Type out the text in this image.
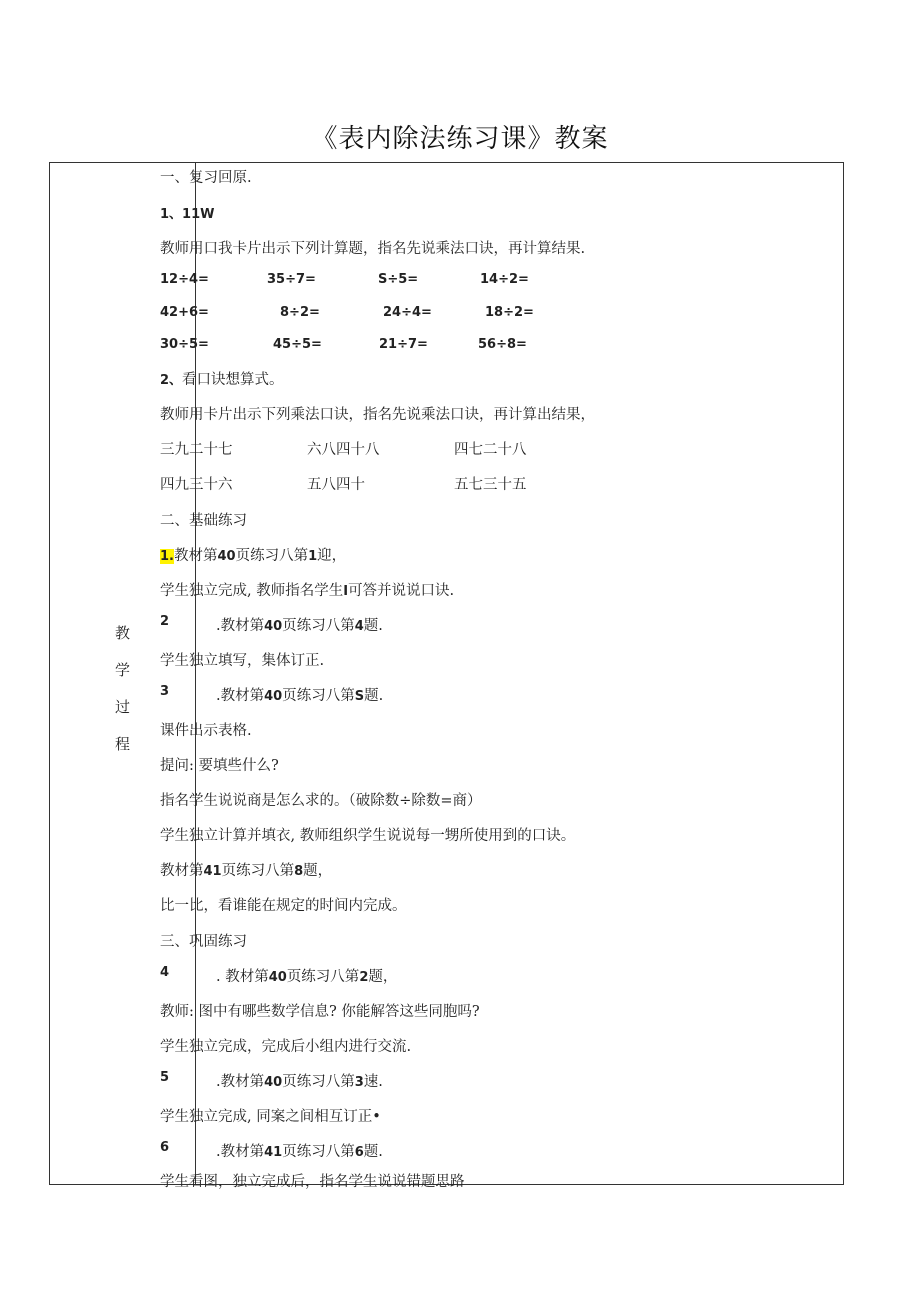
《表内除法练习课》教案
教
学
过
程
一、复习回原.
1、11W
教师用口我卡片出示下列计算题，指名先说乘法口诀，再计算结果.
12÷4=	35÷7=	S÷5=	14÷2=
42+6=	8÷2=	24÷4=	18÷2=
30÷5=	45÷5=	21÷7=	56÷8=
2、看口诀想算式。
教师用卡片出示下列乘法口诀，指名先说乘法口诀，再计算出结果，
三九二十七	六八四十八	四七二十八
四九三十六	五八四十	五七三十五
二、基础练习
1.教材第40页练习八第1迎，
学生独立完成, 教师指名学生I可答并说说口诀.
2	.教材第40页练习八第4题.
学生独立填写，集体订正.
3	.教材第40页练习八第S题.
课件出示表格.
提问: 要填些什么?
指名学生说说商是怎么求的。（破除数÷除数=商）
学生独立计算并填衣, 教师组织学生说说每一甥所使用到的口诀。
教材第41页练习八第8题，
比一比，看谁能在规定的时间内完成。
三、巩固练习
4	. 教材第40页练习八第2题，
教师: 图中有哪些数学信息? 你能解答这些同胞吗?
学生独立完成，完成后小组内进行交流.
5	.教材第40页练习八第3速.
学生独立完成, 同案之间相互订正•
6	.教材第41页练习八第6题.
学生看图，独立完成后，指名学生说说错题思路
